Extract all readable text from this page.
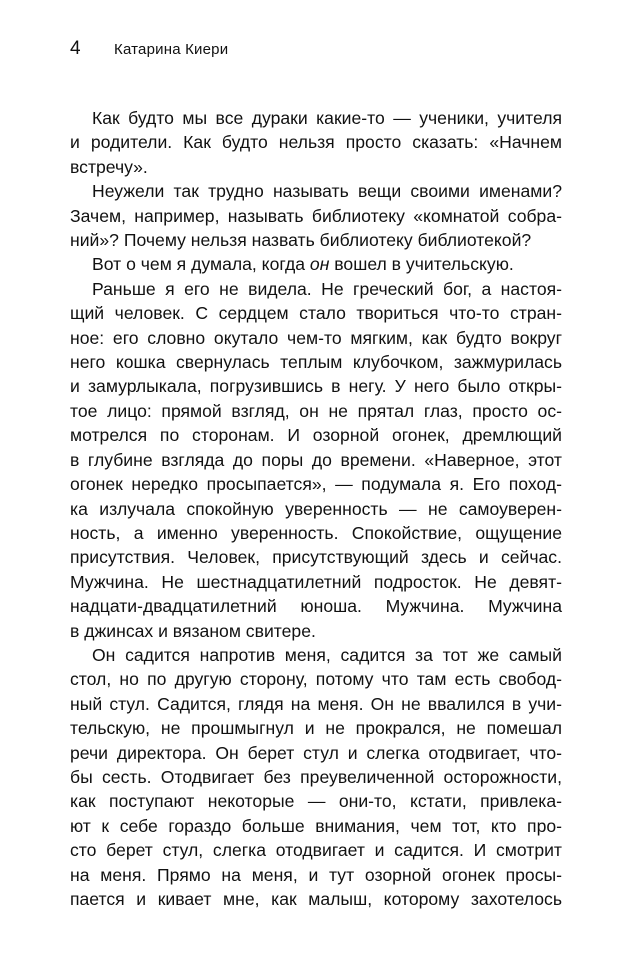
4	Катарина Киери
Как будто мы все дураки какие-то — ученики, учителя
и родители. Как будто нельзя просто сказать: «Начнем
встречу».
Неужели так трудно называть вещи своими именами?
Зачем, например, называть библиотеку «комнатой собра-
ний»? Почему нельзя назвать библиотеку библиотекой?
Вот о чем я думала, когда он вошел в учительскую.
Раньше я его не видела. Не греческий бог, а настоя-
щий человек. С сердцем стало твориться что-то стран-
ное: его словно окутало чем-то мягким, как будто вокруг
него кошка свернулась теплым клубочком, зажмурилась
и замурлыкала, погрузившись в негу. У него было откры-
тое лицо: прямой взгляд, он не прятал глаз, просто ос-
мотрелся по сторонам. И озорной огонек, дремлющий
в глубине взгляда до поры до времени. «Наверное, этот
огонек нередко просыпается», — подумала я. Его поход-
ка излучала спокойную уверенность — не самоуверен-
ность, а именно уверенность. Спокойствие, ощущение
присутствия. Человек, присутствующий здесь и сейчас.
Мужчина. Не шестнадцатилетний подросток. Не девят-
надцати-двадцатилетний юноша. Мужчина. Мужчина
в джинсах и вязаном свитере.
Он садится напротив меня, садится за тот же самый
стол, но по другую сторону, потому что там есть свобод-
ный стул. Садится, глядя на меня. Он не ввалился в учи-
тельскую, не прошмыгнул и не прокрался, не помешал
речи директора. Он берет стул и слегка отодвигает, что-
бы сесть. Отодвигает без преувеличенной осторожности,
как поступают некоторые — они-то, кстати, привлека-
ют к себе гораздо больше внимания, чем тот, кто про-
сто берет стул, слегка отодвигает и садится. И смотрит
на меня. Прямо на меня, и тут озорной огонек просы-
пается и кивает мне, как малыш, которому захотелось
